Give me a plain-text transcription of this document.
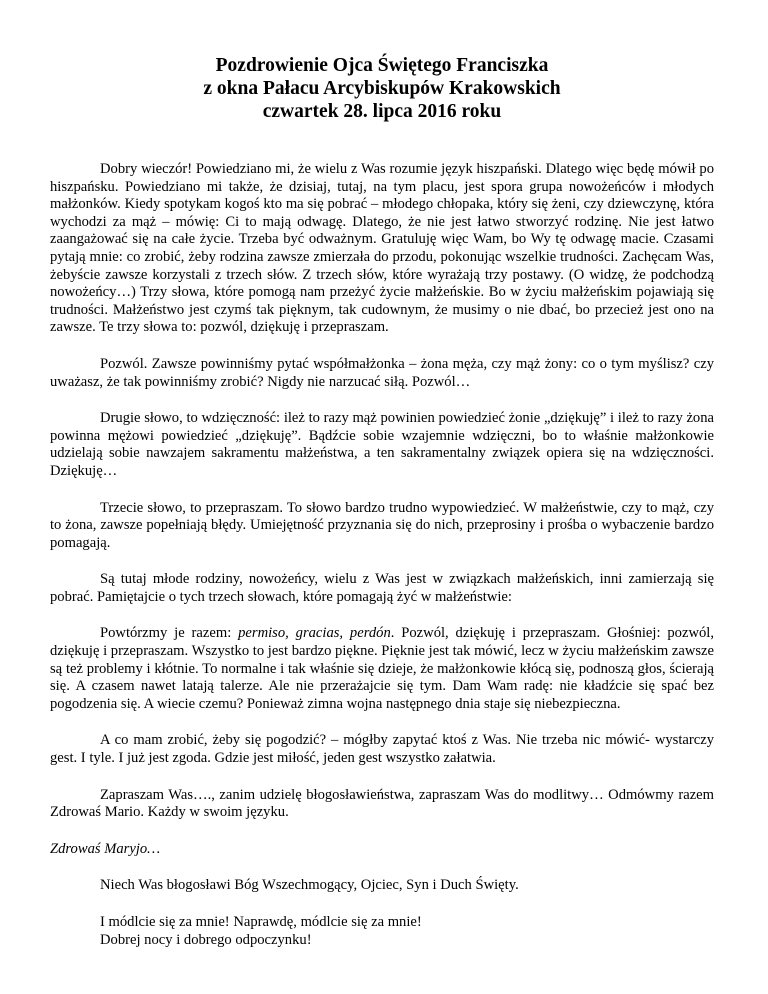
Pozdrowienie Ojca Świętego Franciszka
z okna Pałacu Arcybiskupów Krakowskich
czwartek 28. lipca 2016 roku

Dobry wieczór! Powiedziano mi, że wielu z Was rozumie język hiszpański. Dlatego więc będę mówił po hiszpańsku. Powiedziano mi także, że dzisiaj, tutaj, na tym placu, jest spora grupa nowożeńców i młodych małżonków. Kiedy spotykam kogoś kto ma się pobrać – młodego chłopaka, który się żeni, czy dziewczynę, która wychodzi za mąż – mówię: Ci to mają odwagę. Dlatego, że nie jest łatwo stworzyć rodzinę. Nie jest łatwo zaangażować się na całe życie. Trzeba być odważnym. Gratuluję więc Wam, bo Wy tę odwagę macie. Czasami pytają mnie: co zrobić, żeby rodzina zawsze zmierzała do przodu, pokonując wszelkie trudności. Zachęcam Was, żebyście zawsze korzystali z trzech słów. Z trzech słów, które wyrażają trzy postawy. (O widzę, że podchodzą nowożeńcy…) Trzy słowa, które pomogą nam przeżyć życie małżeńskie. Bo w życiu małżeńskim pojawiają się trudności. Małżeństwo jest czymś tak pięknym, tak cudownym, że musimy o nie dbać, bo przecież jest ono na zawsze. Te trzy słowa to: pozwól, dziękuję i przepraszam.

Pozwól. Zawsze powinniśmy pytać współmałżonka – żona męża, czy mąż żony: co o tym myślisz? czy uważasz, że tak powinniśmy zrobić? Nigdy nie narzucać siłą. Pozwól…

Drugie słowo, to wdzięczność: ileż to razy mąż powinien powiedzieć żonie „dziękuję” i ileż to razy żona powinna mężowi powiedzieć „dziękuję”. Bądźcie sobie wzajemnie wdzięczni, bo to właśnie małżonkowie udzielają sobie nawzajem sakramentu małżeństwa, a ten sakramentalny związek opiera się na wdzięczności. Dziękuję…

Trzecie słowo, to przepraszam. To słowo bardzo trudno wypowiedzieć. W małżeństwie, czy to mąż, czy to żona, zawsze popełniają błędy. Umiejętność przyznania się do nich, przeprosiny i prośba o wybaczenie bardzo pomagają.

Są tutaj młode rodziny, nowożeńcy, wielu z Was jest w związkach małżeńskich, inni zamierzają się pobrać. Pamiętajcie o tych trzech słowach, które pomagają żyć w małżeństwie:

Powtórzmy je razem: permiso, gracias, perdón. Pozwól, dziękuję i przepraszam. Głośniej: pozwól, dziękuję i przepraszam. Wszystko to jest bardzo piękne. Pięknie jest tak mówić, lecz w życiu małżeńskim zawsze są też problemy i kłótnie. To normalne i tak właśnie się dzieje, że małżonkowie kłócą się, podnoszą głos, ścierają się. A czasem nawet latają talerze. Ale nie przerażajcie się tym. Dam Wam radę: nie kładźcie się spać bez pogodzenia się. A wiecie czemu? Ponieważ zimna wojna następnego dnia staje się niebezpieczna.

A co mam zrobić, żeby się pogodzić? – mógłby zapytać ktoś z Was. Nie trzeba nic mówić- wystarczy gest. I tyle. I już jest zgoda. Gdzie jest miłość, jeden gest wszystko załatwia.

Zapraszam Was…., zanim udzielę błogosławieństwa, zapraszam Was do modlitwy… Odmówmy razem Zdrowaś Mario. Każdy w swoim języku.

Zdrowaś Maryjo…

Niech Was błogosławi Bóg Wszechmogący, Ojciec, Syn i Duch Święty.

I módlcie się za mnie! Naprawdę, módlcie się za mnie!
Dobrej nocy i dobrego odpoczynku!
